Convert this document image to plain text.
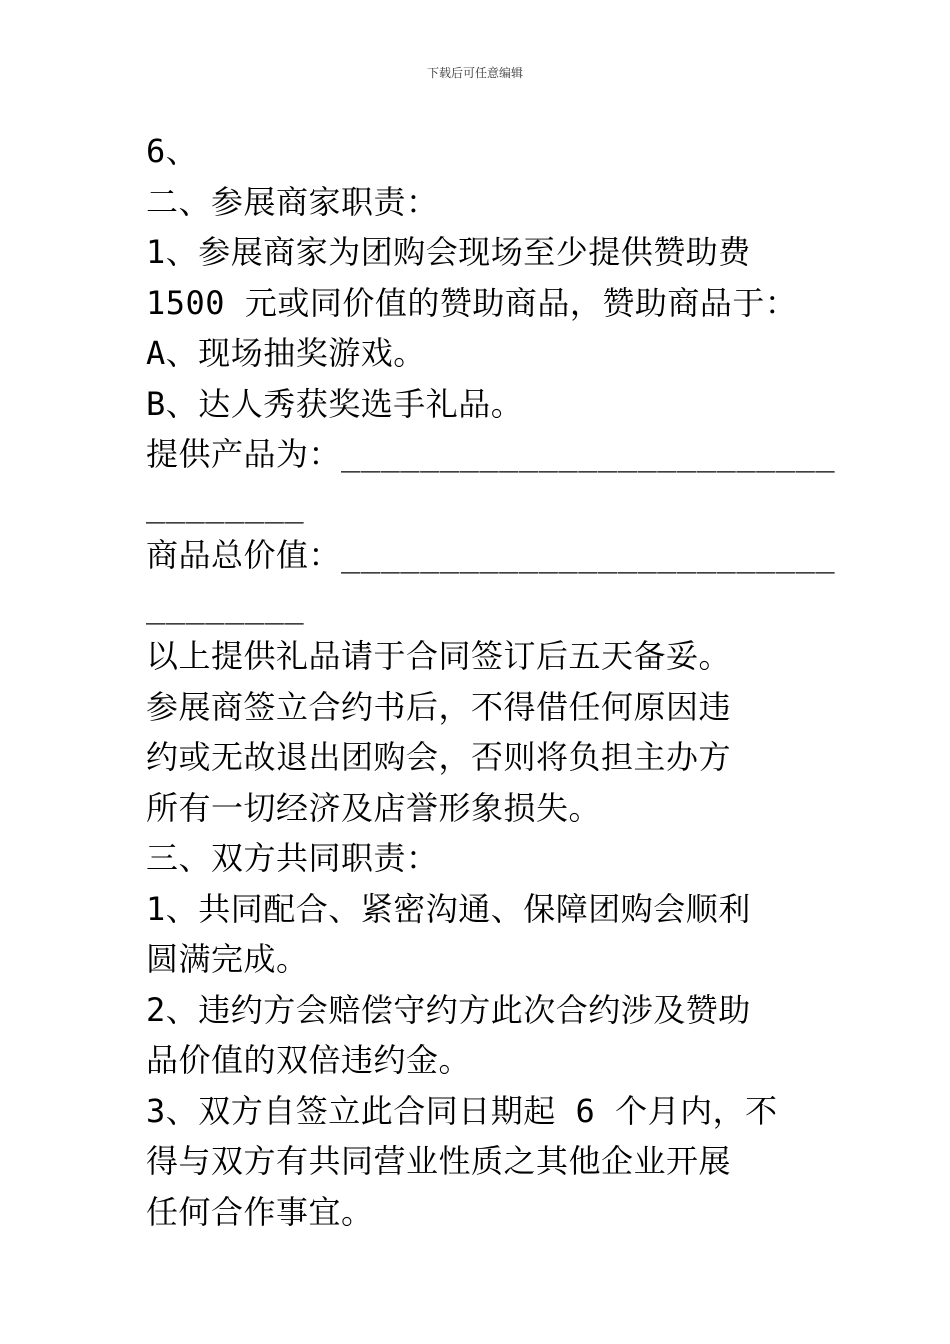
下载后可任意编辑
6、
二、参展商家职责：
1、参展商家为团购会现场至少提供赞助费
1500 元或同价值的赞助商品，赞助商品于：
A、现场抽奖游戏。
B、达人秀获奖选手礼品。
提供产品为：_________________________
________
商品总价值：_________________________
________
以上提供礼品请于合同签订后五天备妥。
参展商签立合约书后，不得借任何原因违
约或无故退出团购会，否则将负担主办方
所有一切经济及店誉形象损失。
三、双方共同职责：
1、共同配合、紧密沟通、保障团购会顺利
圆满完成。
2、违约方会赔偿守约方此次合约涉及赞助
品价值的双倍违约金。
3、双方自签立此合同日期起 6 个月内，不
得与双方有共同营业性质之其他企业开展
任何合作事宜。
